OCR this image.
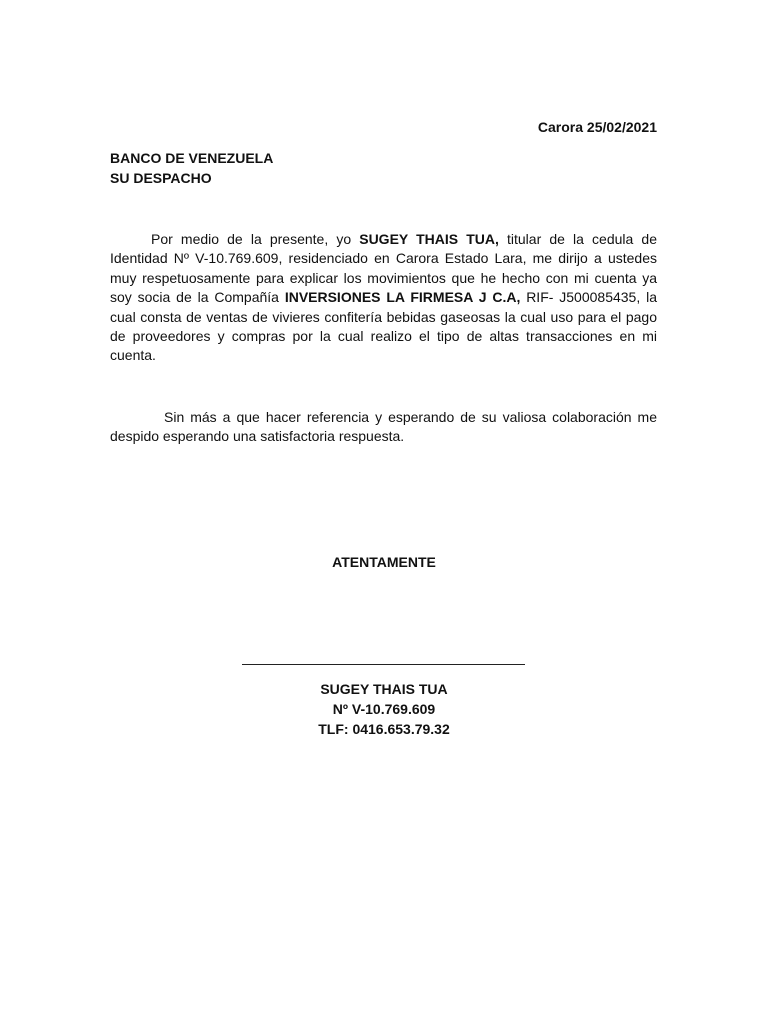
Carora 25/02/2021
BANCO DE VENEZUELA
SU DESPACHO

Por medio de la presente, yo SUGEY THAIS TUA, titular de la cedula de Identidad Nº V-10.769.609, residenciado en Carora Estado Lara, me dirijo a ustedes muy respetuosamente para explicar los movimientos que he hecho con mi cuenta ya soy socia de la Compañía INVERSIONES LA FIRMESA J C.A, RIF- J500085435, la cual consta de ventas de vivieres confitería bebidas gaseosas la cual uso para el pago de proveedores y compras por la cual realizo el tipo de altas transacciones en mi cuenta.

Sin más a que hacer referencia y esperando de su valiosa colaboración me despido esperando una satisfactoria respuesta.

ATENTAMENTE
SUGEY THAIS TUA
Nº V-10.769.609
TLF: 0416.653.79.32
